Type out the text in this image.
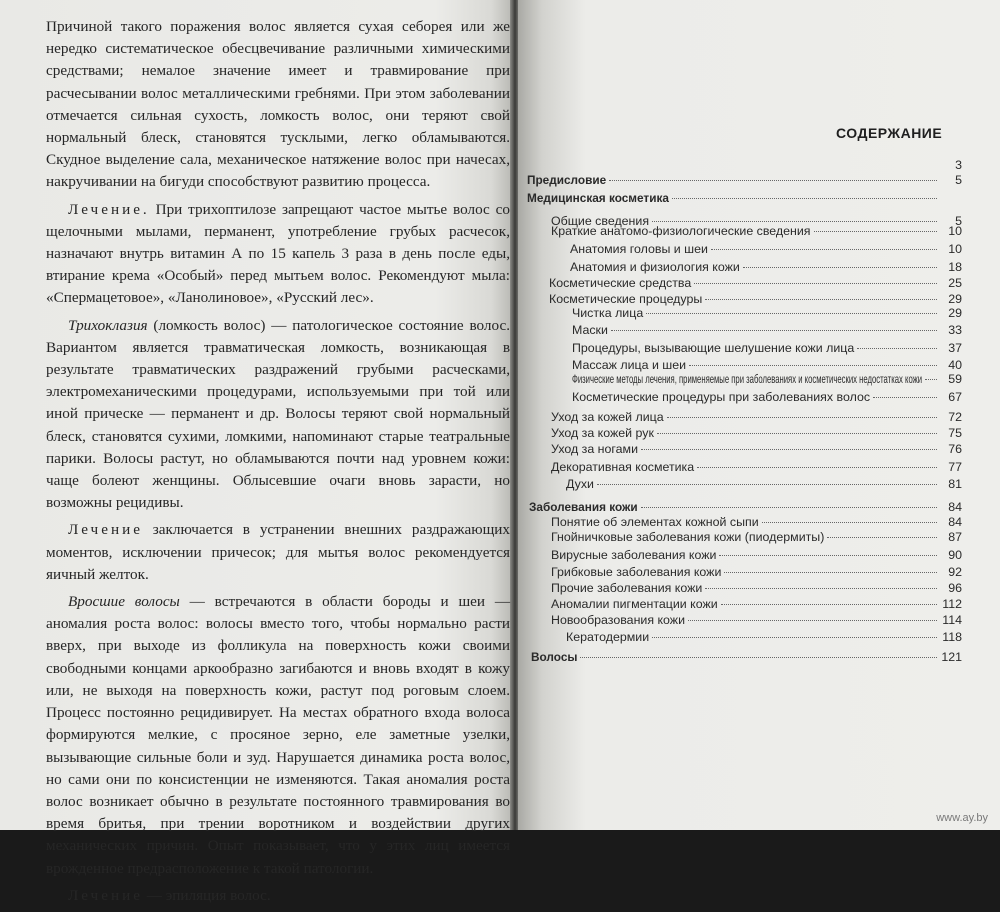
Причиной такого поражения волос является сухая себорея или же нередко систематическое обесцвечивание различными химическими средствами; немалое значение имеет и травмирование при расчесывании волос металлическими гребнями. При этом заболевании отмечается сильная сухость, ломкость волос, они теряют свой нормальный блеск, становятся тусклыми, легко обламываются. Скудное выделение сала, механическое натяжение волос при начесах, накручивании на бигуди способствуют развитию процесса.

Лечение. При трихоптилозе запрещают частое мытье волос со щелочными мылами, перманент, употребление грубых расчесок, назначают внутрь витамин А по 15 капель 3 раза в день после еды, втирание крема «Особый» перед мытьем волос. Рекомендуют мыла: «Спермацетовое», «Ланолиновое», «Русский лес».

Трихоклазия (ломкость волос) — патологическое состояние волос. Вариантом является травматическая ломкость, возникающая в результате травматических раздражений грубыми расческами, электромеханическими процедурами, используемыми при той или иной прическе — перманент и др. Волосы теряют свой нормальный блеск, становятся сухими, ломкими, напоминают старые театральные парики. Волосы растут, но обламываются почти над уровнем кожи: чаще болеют женщины. Облысевшие очаги вновь зарасти, но возможны рецидивы.

Лечение заключается в устранении внешних раздражающих моментов, исключении причесок; для мытья волос рекомендуется яичный желток.

Вросшие волосы — встречаются в области бороды и шеи — аномалия роста волос: волосы вместо того, чтобы нормально расти вверх, при выходе из фолликула на поверхность кожи своими свободными концами аркообразно загибаются и вновь входят в кожу или, не выходя на поверхность кожи, растут под роговым слоем. Процесс постоянно рецидивирует. На местах обратного входа волоса формируются мелкие, с просяное зерно, еле заметные узелки, вызывающие сильные боли и зуд. Нарушается динамика роста волос, но сами они по консистенции не изменяются. Такая аномалия роста волос возникает обычно в результате постоянного травмирования во время бритья, при трении воротником и воздействии других механических причин. Опыт показывает, что у этих лиц имеется врожденное предрасположение к такой патологии.

Лечение — эпиляция волос.

СОДЕРЖАНИЕ
3
Предисловие	5
Медицинская косметика
Общие сведения	5
Краткие анатомо-физиологические сведения	10
Анатомия головы и шеи	10
Анатомия и физиология кожи	18
Косметические средства	25
Косметические процедуры	29
Чистка лица	29
Маски	33
Процедуры, вызывающие шелушение кожи лица	37
Массаж лица и шеи	40
Физические методы лечения, применяемые при заболеваниях и косметических недостатках кожи	59
Косметические процедуры при заболеваниях волос	67
Уход за кожей лица	72
Уход за кожей рук	75
Уход за ногами	76
Декоративная косметика	77
Духи	81
Заболевания кожи	84
Понятие об элементах кожной сыпи	84
Гнойничковые заболевания кожи (пиодермиты)	87
Вирусные заболевания кожи	90
Грибковые заболевания кожи	92
Прочие заболевания кожи	96
Аномалии пигментации кожи	112
Новообразования кожи	114
Кератодермии	118
Волосы	121
www.ay.by
